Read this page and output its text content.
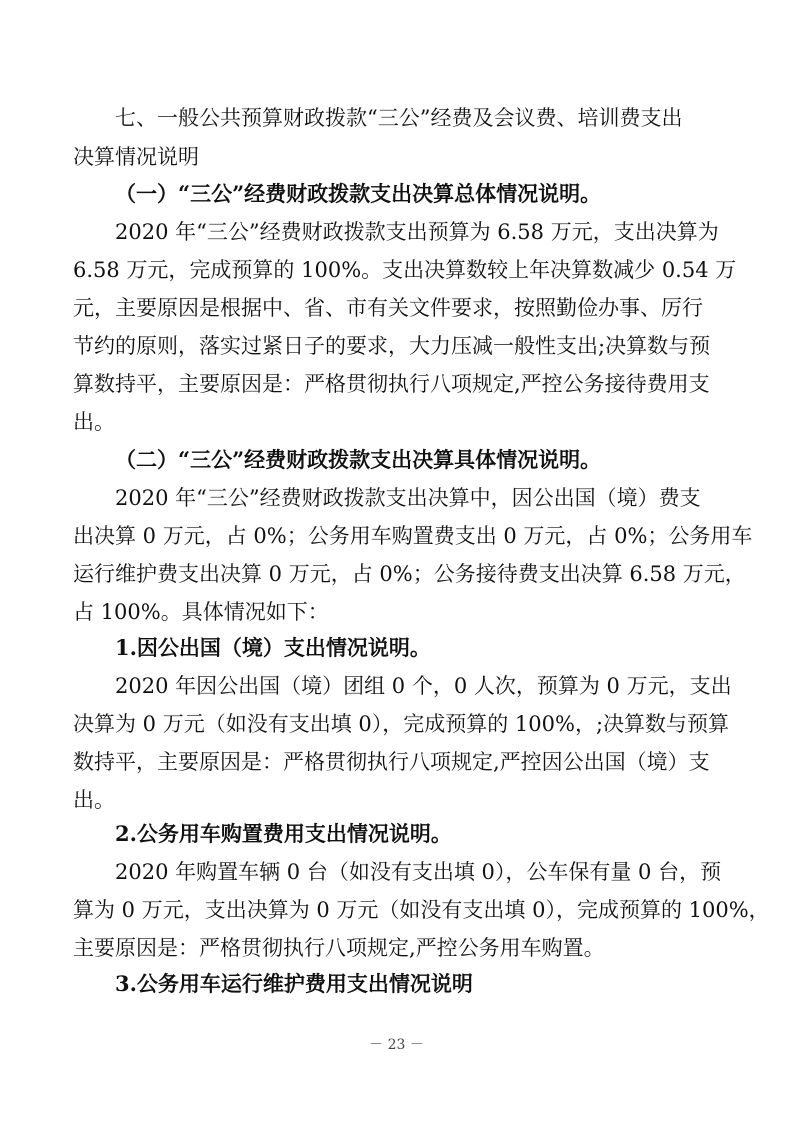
七、一般公共预算财政拨款“三公”经费及会议费、培训费支出
决算情况说明
（一）“三公”经费财政拨款支出决算总体情况说明。
2020 年“三公”经费财政拨款支出预算为 6.58 万元，支出决算为
6.58 万元，完成预算的 100%。支出决算数较上年决算数减少 0.54 万
元，主要原因是根据中、省、市有关文件要求，按照勤俭办事、厉行
节约的原则，落实过紧日子的要求，大力压减一般性支出;决算数与预
算数持平，主要原因是：严格贯彻执行八项规定,严控公务接待费用支
出。
（二）“三公”经费财政拨款支出决算具体情况说明。
2020 年“三公”经费财政拨款支出决算中，因公出国（境）费支
出决算 0 万元，占 0%；公务用车购置费支出 0 万元，占 0%；公务用车
运行维护费支出决算 0 万元，占 0%；公务接待费支出决算 6.58 万元，
占 100%。具体情况如下：
1.因公出国（境）支出情况说明。
2020 年因公出国（境）团组 0 个，0 人次，预算为 0 万元，支出
决算为 0 万元（如没有支出填 0），完成预算的 100%，;决算数与预算
数持平，主要原因是：严格贯彻执行八项规定,严控因公出国（境）支
出。
2.公务用车购置费用支出情况说明。
2020 年购置车辆 0 台（如没有支出填 0），公车保有量 0 台，预
算为 0 万元，支出决算为 0 万元（如没有支出填 0），完成预算的 100%，
主要原因是：严格贯彻执行八项规定,严控公务用车购置。
3.公务用车运行维护费用支出情况说明
－ 23 －
